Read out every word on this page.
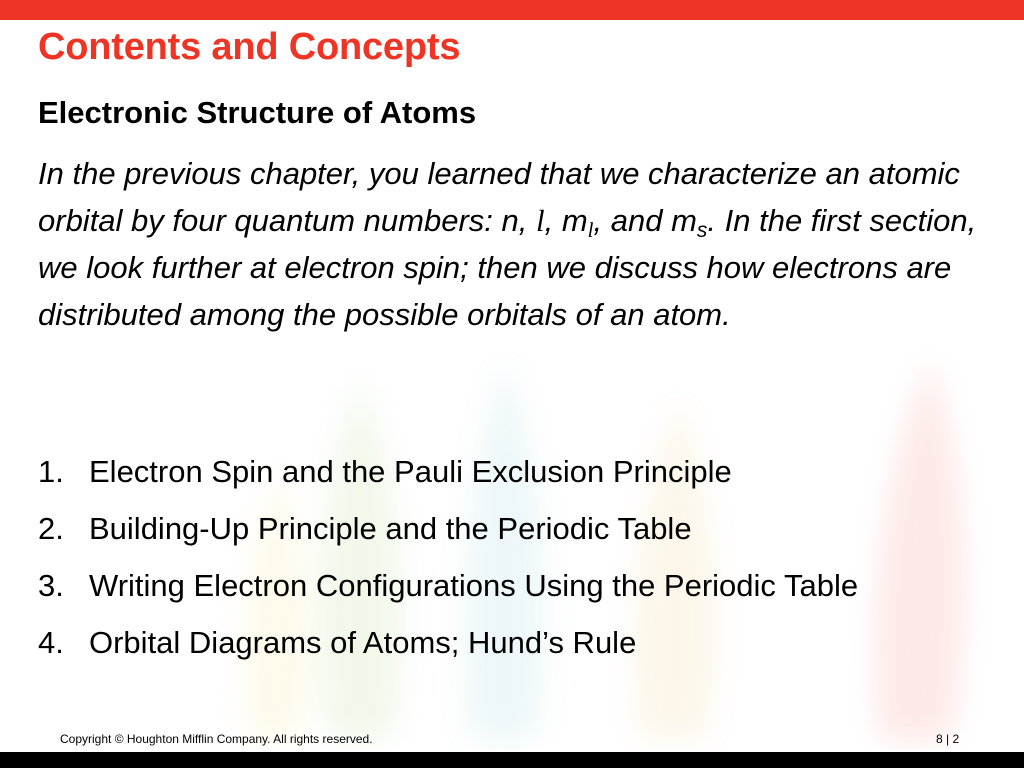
Contents and Concepts
Electronic Structure of Atoms

In the previous chapter, you learned that we characterize an atomic orbital by four quantum numbers: n, l, $m_l$, and $m_s$. In the first section, we look further at electron spin; then we discuss how electrons are distributed among the possible orbitals of an atom.

1. Electron Spin and the Pauli Exclusion Principle
2. Building-Up Principle and the Periodic Table
3. Writing Electron Configurations Using the Periodic Table
4. Orbital Diagrams of Atoms; Hund’s Rule
Copyright © Houghton Mifflin Company. All rights reserved.	8 | 2
